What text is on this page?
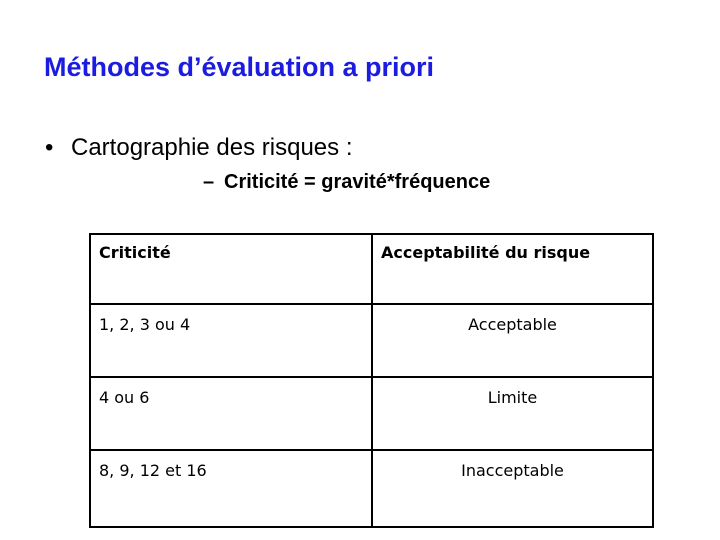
Méthodes d’évaluation a priori
• Cartographie des risques :
– Criticité = gravité*fréquence
Criticité	Acceptabilité du risque
1, 2, 3 ou 4	Acceptable
4 ou 6	Limite
8, 9, 12 et 16	Inacceptable
